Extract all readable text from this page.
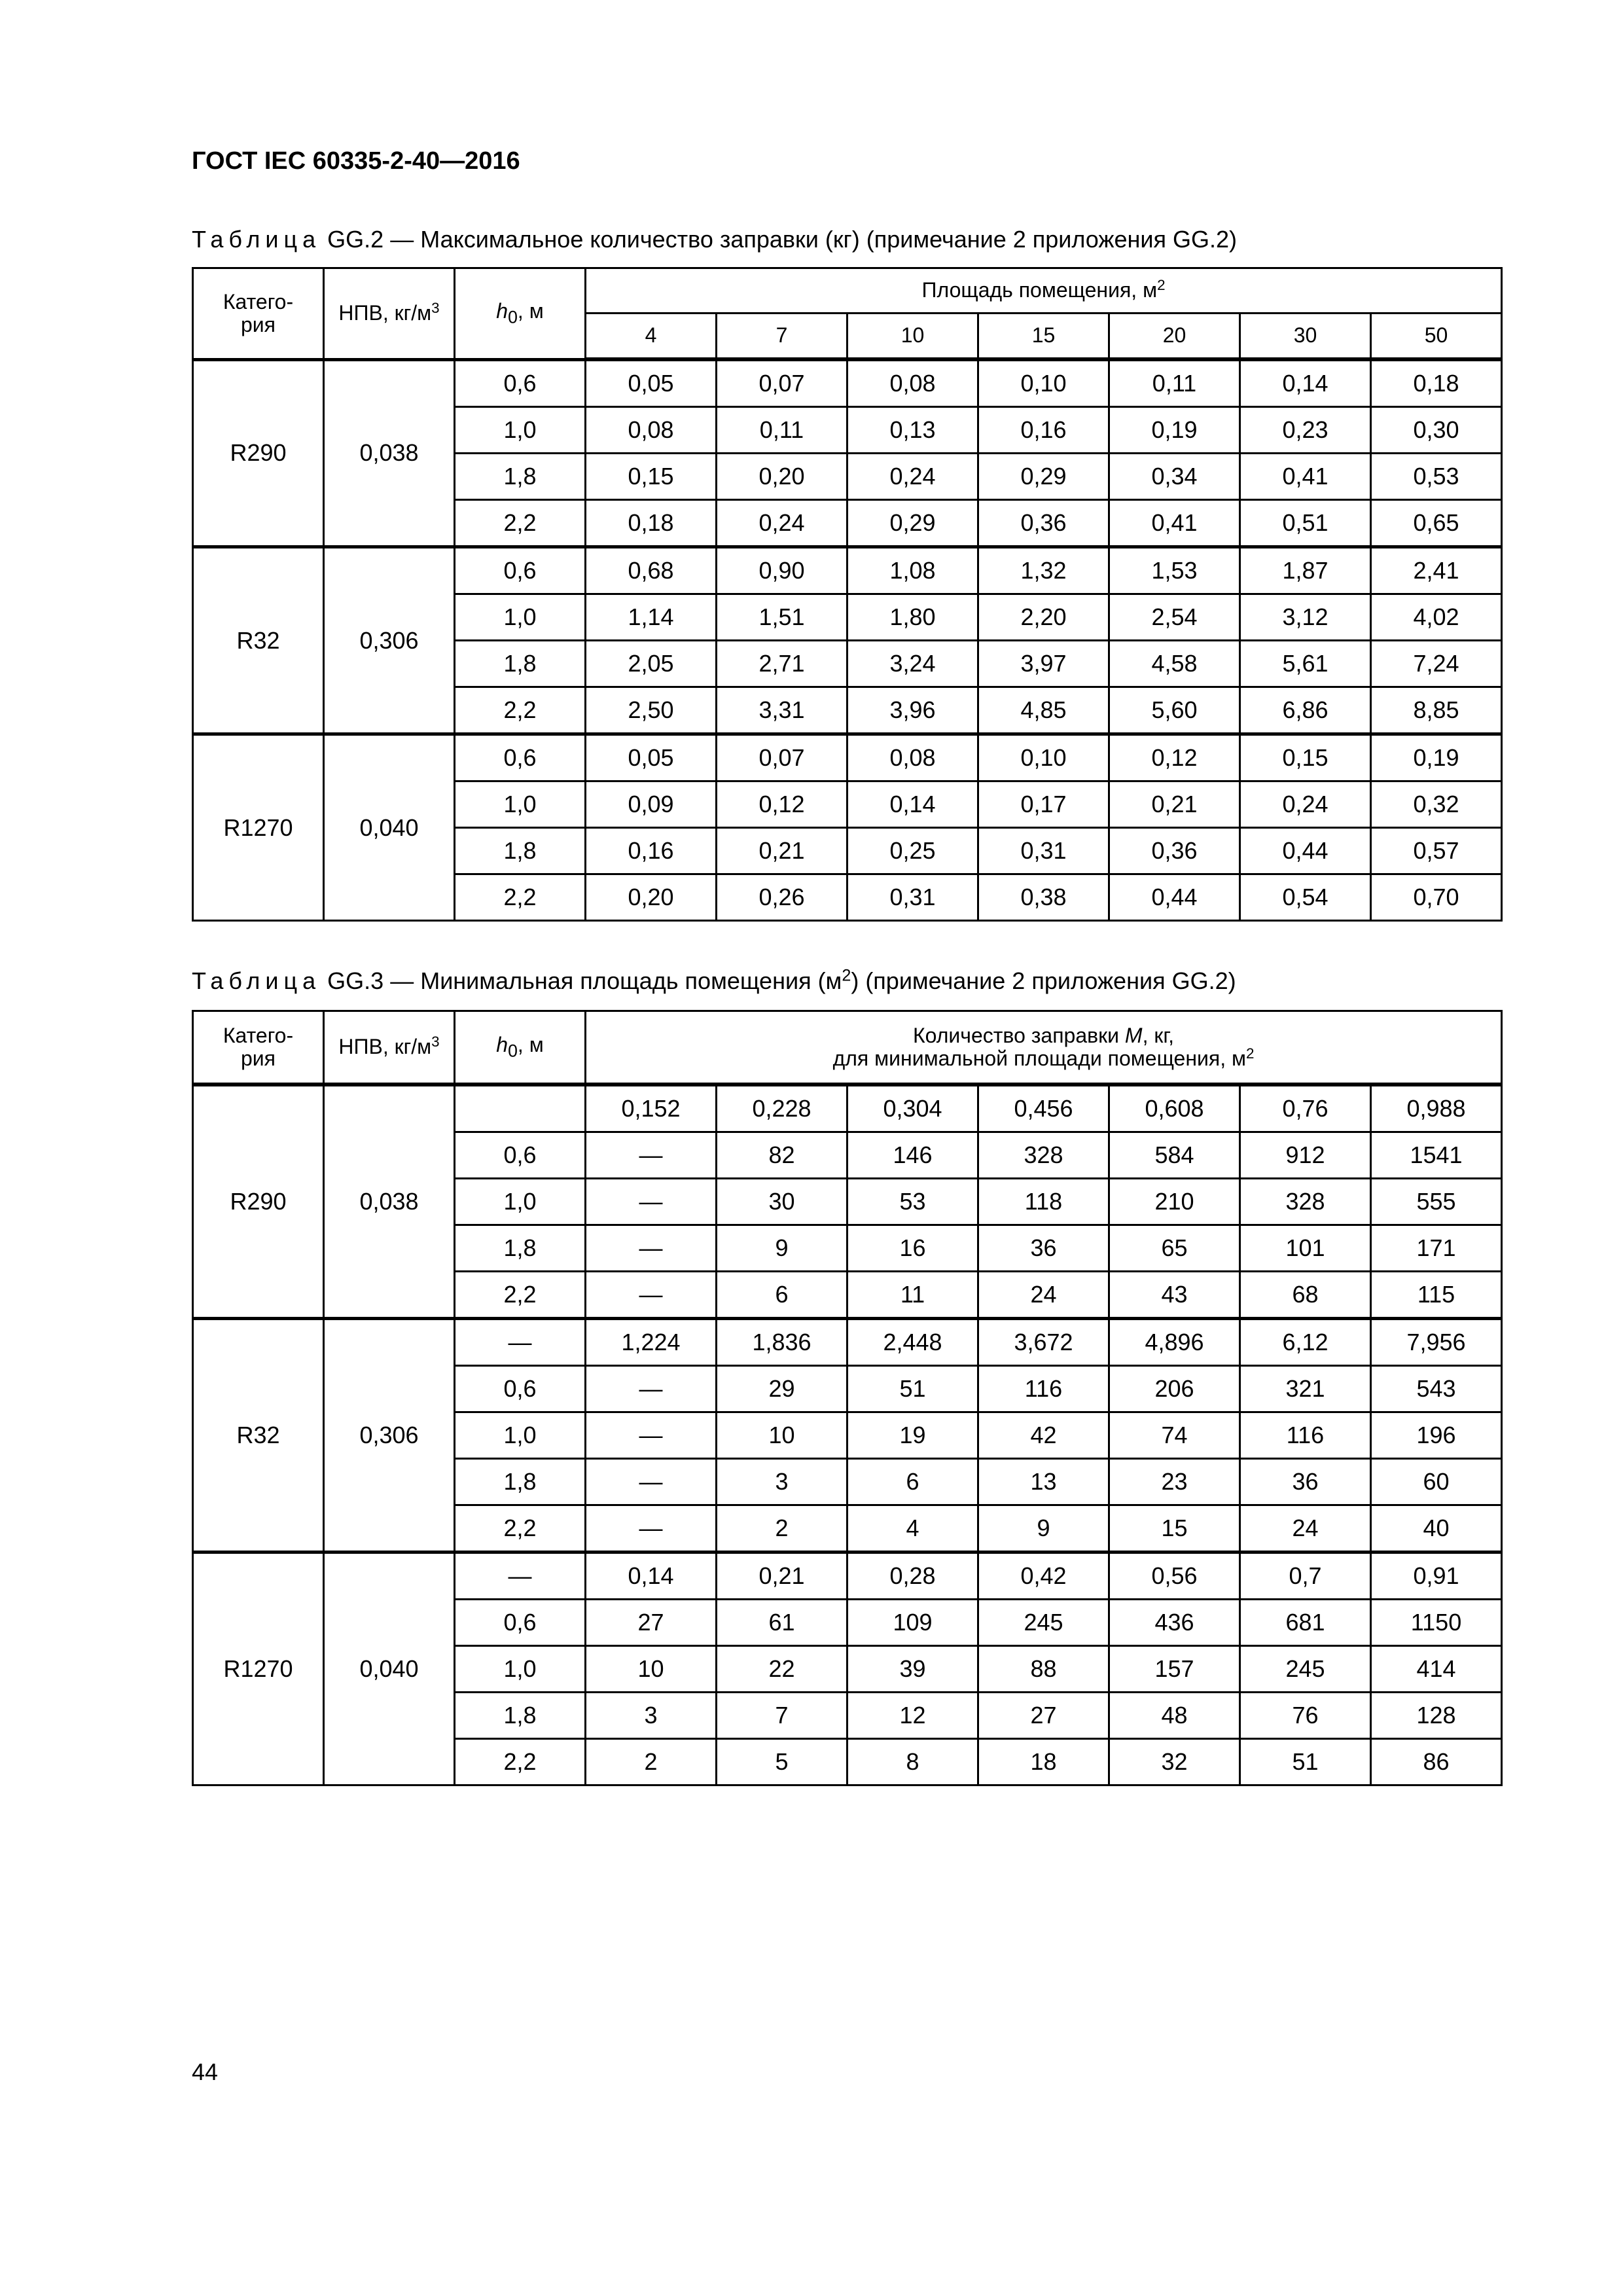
ГОСТ IEC 60335-2-40—2016
Таблица GG.2 — Максимальное количество заправки (кг) (примечание 2 приложения GG.2)
Катего-рия	НПВ, $кг/м^3$	$h_0$, м	Площадь помещения, $м^2$
			4	7	10	15	20	30	50
R290	0,038	0,6	0,05	0,07	0,08	0,10	0,11	0,14	0,18
		1,0	0,08	0,11	0,13	0,16	0,19	0,23	0,30
		1,8	0,15	0,20	0,24	0,29	0,34	0,41	0,53
		2,2	0,18	0,24	0,29	0,36	0,41	0,51	0,65
R32	0,306	0,6	0,68	0,90	1,08	1,32	1,53	1,87	2,41
		1,0	1,14	1,51	1,80	2,20	2,54	3,12	4,02
		1,8	2,05	2,71	3,24	3,97	4,58	5,61	7,24
		2,2	2,50	3,31	3,96	4,85	5,60	6,86	8,85
R1270	0,040	0,6	0,05	0,07	0,08	0,10	0,12	0,15	0,19
		1,0	0,09	0,12	0,14	0,17	0,21	0,24	0,32
		1,8	0,16	0,21	0,25	0,31	0,36	0,44	0,57
		2,2	0,20	0,26	0,31	0,38	0,44	0,54	0,70
Таблица GG.3 — Минимальная площадь помещения $(м^2)$ (примечание 2 приложения GG.2)
Катего-рия	НПВ, $кг/м^3$	$h_0$, м	Количество заправки M, кг,
для минимальной площади помещения, $м^2$
R290	0,038		0,152	0,228	0,304	0,456	0,608	0,76	0,988
		0,6	—	82	146	328	584	912	1541
		1,0	—	30	53	118	210	328	555
		1,8	—	9	16	36	65	101	171
		2,2	—	6	11	24	43	68	115
R32	0,306	—	1,224	1,836	2,448	3,672	4,896	6,12	7,956
		0,6	—	29	51	116	206	321	543
		1,0	—	10	19	42	74	116	196
		1,8	—	3	6	13	23	36	60
		2,2	—	2	4	9	15	24	40
R1270	0,040	—	0,14	0,21	0,28	0,42	0,56	0,7	0,91
		0,6	27	61	109	245	436	681	1150
		1,0	10	22	39	88	157	245	414
		1,8	3	7	12	27	48	76	128
		2,2	2	5	8	18	32	51	86
44
